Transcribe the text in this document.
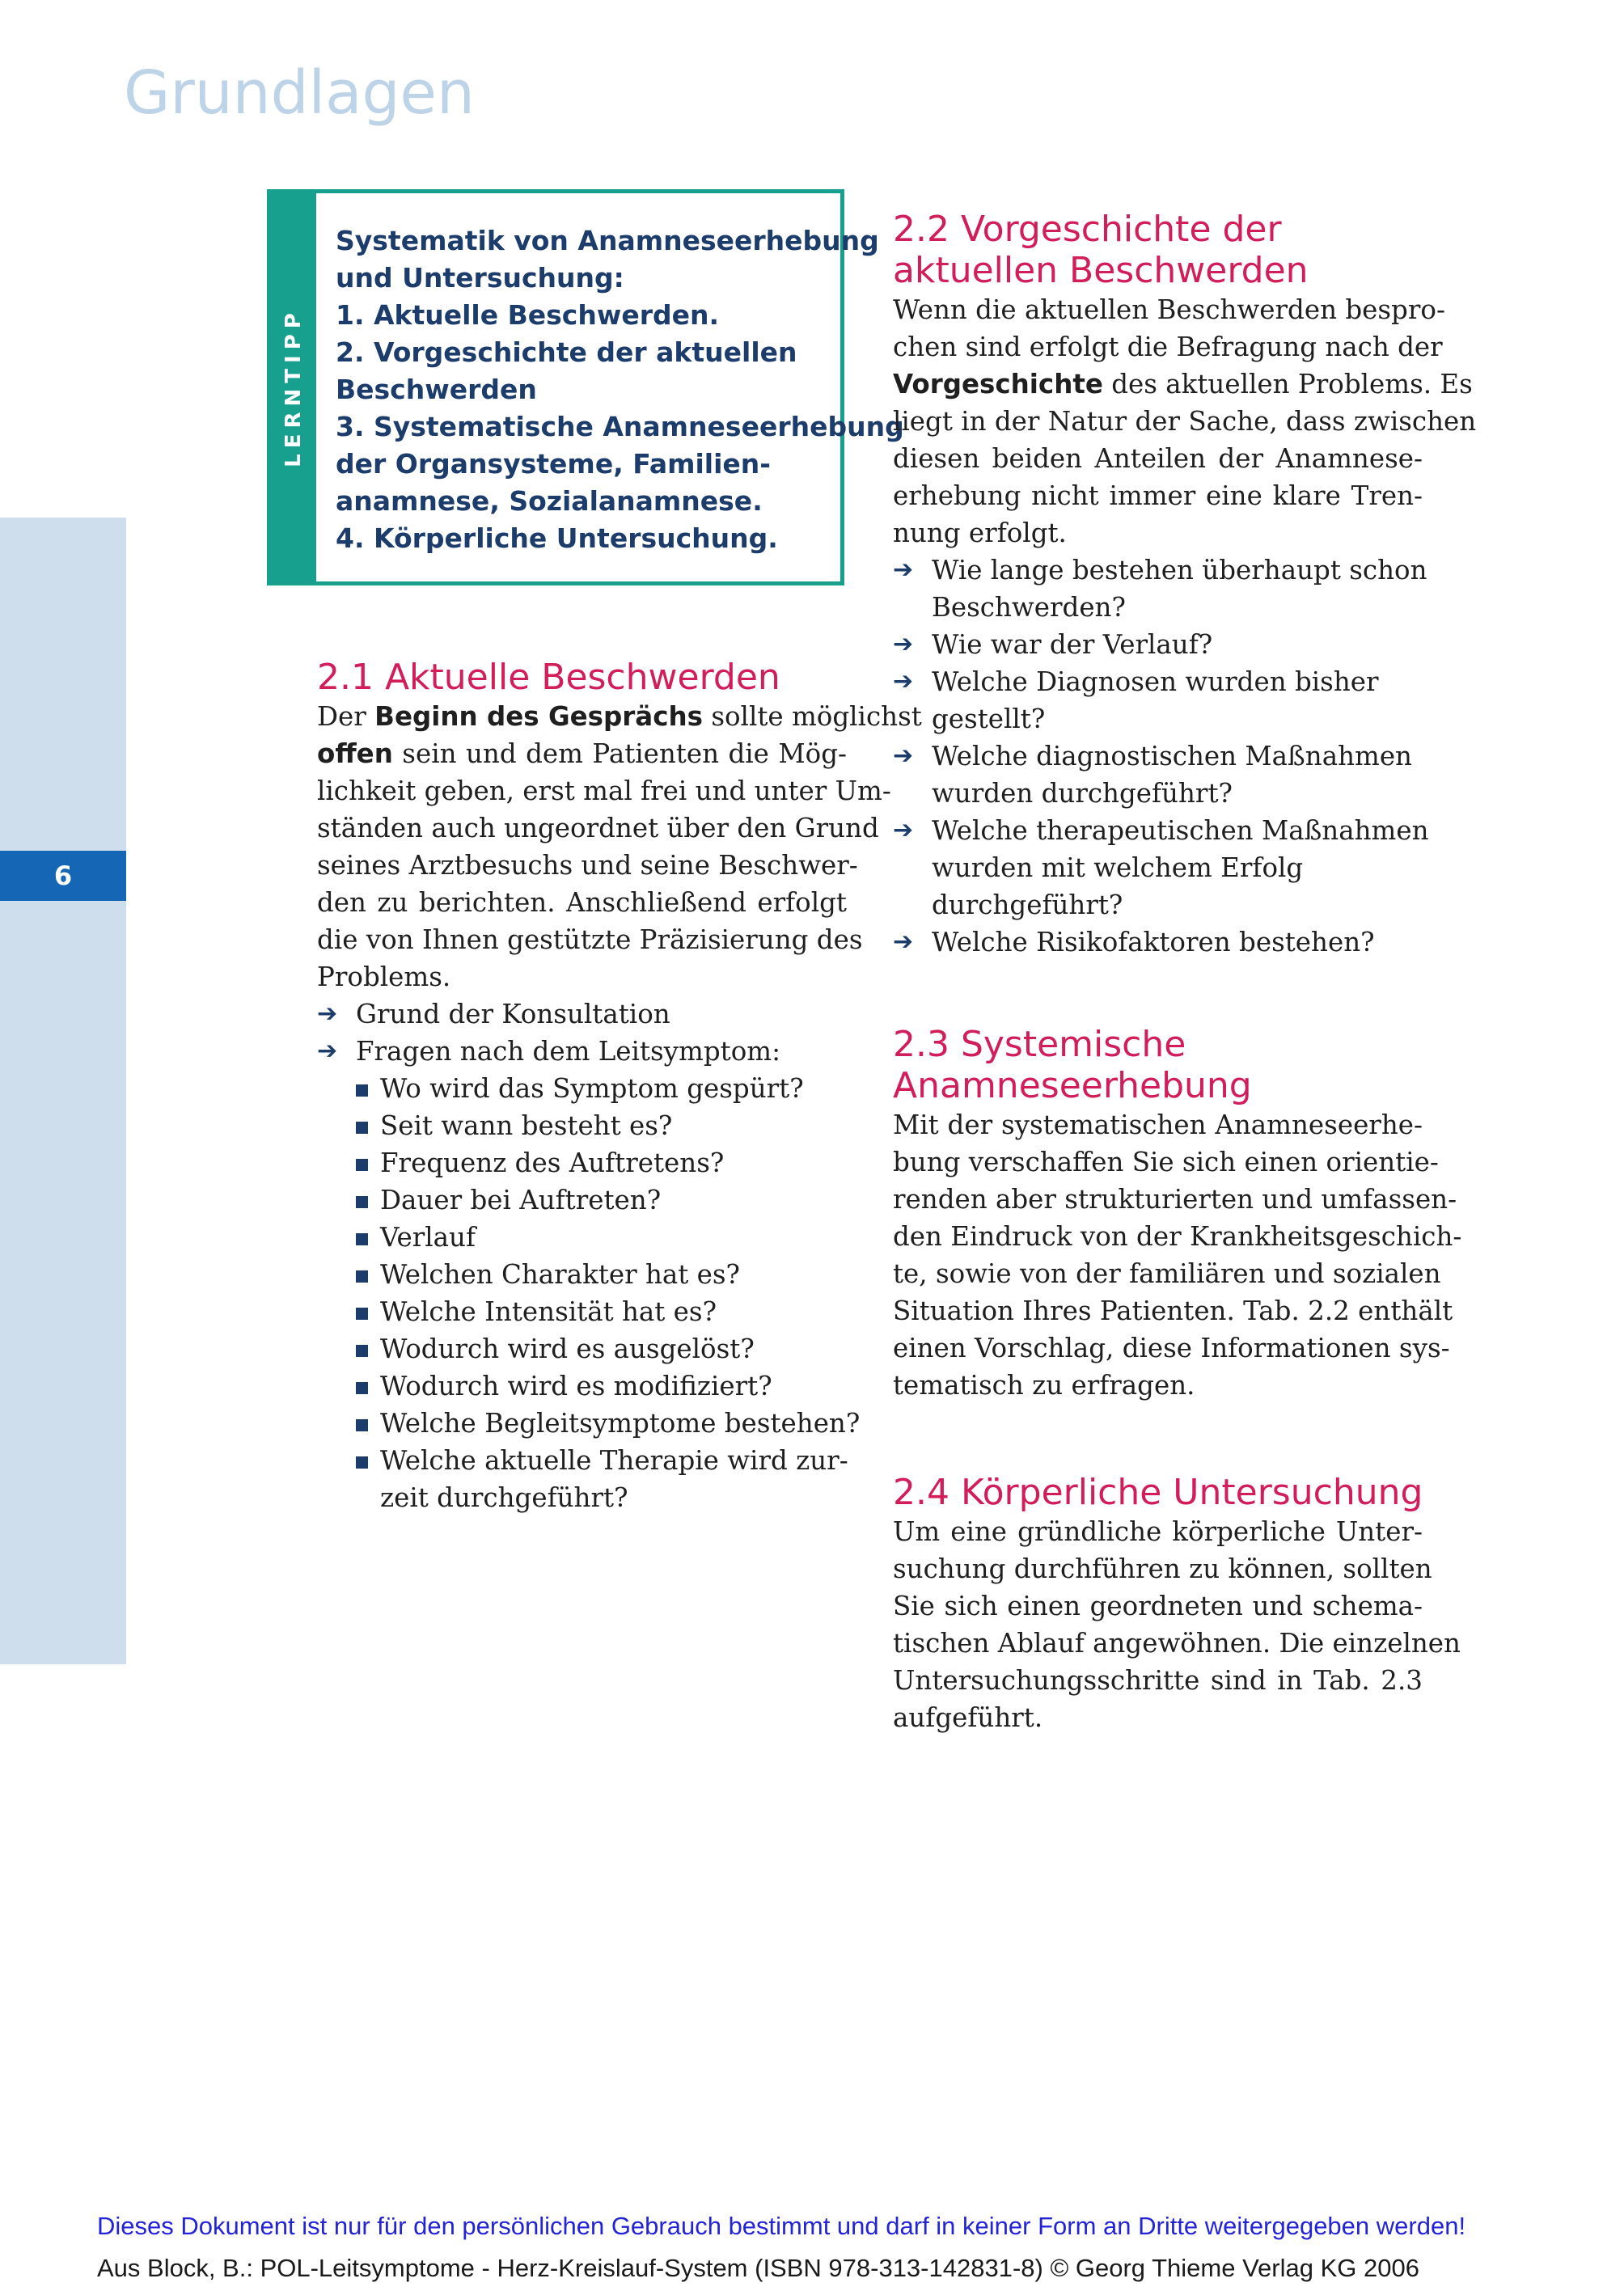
Grundlagen
6
LERNTIPP
Systematik von Anamneseerhebung
und Untersuchung:
1. Aktuelle Beschwerden.
2. Vorgeschichte der aktuellen
Beschwerden
3. Systematische Anamneseerhebung
der Organsysteme, Familien-
anamnese, Sozialanamnese.
4. Körperliche Untersuchung.
2.1 Aktuelle Beschwerden
Der Beginn des Gesprächs sollte möglichst
offen sein und dem Patienten die Mög-
lichkeit geben, erst mal frei und unter Um-
ständen auch ungeordnet über den Grund
seines Arztbesuchs und seine Beschwer-
den zu berichten. Anschließend erfolgt
die von Ihnen gestützte Präzisierung des
Problems.
➔ Grund der Konsultation
➔ Fragen nach dem Leitsymptom:
Wo wird das Symptom gespürt?
Seit wann besteht es?
Frequenz des Auftretens?
Dauer bei Auftreten?
Verlauf
Welchen Charakter hat es?
Welche Intensität hat es?
Wodurch wird es ausgelöst?
Wodurch wird es modifiziert?
Welche Begleitsymptome bestehen?
Welche aktuelle Therapie wird zur-
zeit durchgeführt?
2.2 Vorgeschichte der
aktuellen Beschwerden
Wenn die aktuellen Beschwerden bespro-
chen sind erfolgt die Befragung nach der
Vorgeschichte des aktuellen Problems. Es
liegt in der Natur der Sache, dass zwischen
diesen beiden Anteilen der Anamnese-
erhebung nicht immer eine klare Tren-
nung erfolgt.
➔ Wie lange bestehen überhaupt schon
Beschwerden?
➔ Wie war der Verlauf?
➔ Welche Diagnosen wurden bisher
gestellt?
➔ Welche diagnostischen Maßnahmen
wurden durchgeführt?
➔ Welche therapeutischen Maßnahmen
wurden mit welchem Erfolg
durchgeführt?
➔ Welche Risikofaktoren bestehen?
2.3 Systemische
Anamneseerhebung
Mit der systematischen Anamneseerhe-
bung verschaffen Sie sich einen orientie-
renden aber strukturierten und umfassen-
den Eindruck von der Krankheitsgeschich-
te, sowie von der familiären und sozialen
Situation Ihres Patienten. Tab. 2.2 enthält
einen Vorschlag, diese Informationen sys-
tematisch zu erfragen.
2.4 Körperliche Untersuchung
Um eine gründliche körperliche Unter-
suchung durchführen zu können, sollten
Sie sich einen geordneten und schema-
tischen Ablauf angewöhnen. Die einzelnen
Untersuchungsschritte sind in Tab. 2.3
aufgeführt.
Dieses Dokument ist nur für den persönlichen Gebrauch bestimmt und darf in keiner Form an Dritte weitergegeben werden!
Aus Block, B.: POL-Leitsymptome - Herz-Kreislauf-System (ISBN 978-313-142831-8) © Georg Thieme Verlag KG 2006
